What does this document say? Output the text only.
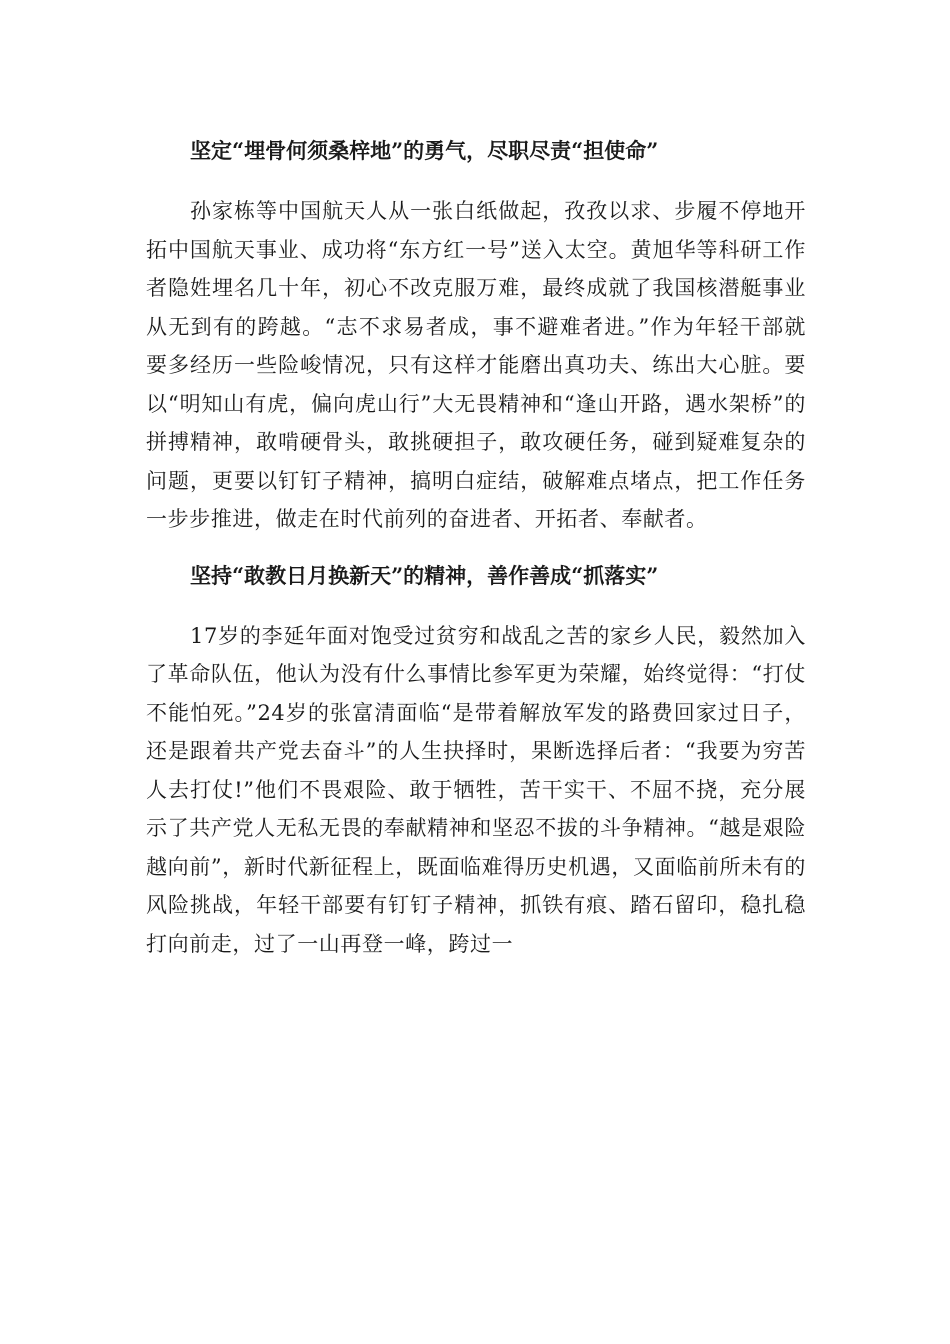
坚定“埋骨何须桑梓地”的勇气，尽职尽责“担使命”

孙家栋等中国航天人从一张白纸做起，孜孜以求、步履不停地开拓中国航天事业、成功将“东方红一号”送入太空。黄旭华等科研工作者隐姓埋名几十年，初心不改克服万难，最终成就了我国核潜艇事业从无到有的跨越。“志不求易者成，事不避难者进。”作为年轻干部就要多经历一些险峻情况，只有这样才能磨出真功夫、练出大心脏。要以“明知山有虎，偏向虎山行”大无畏精神和“逢山开路，遇水架桥”的拼搏精神，敢啃硬骨头，敢挑硬担子，敢攻硬任务，碰到疑难复杂的问题，更要以钉钉子精神，搞明白症结，破解难点堵点，把工作任务一步步推进，做走在时代前列的奋进者、开拓者、奉献者。

坚持“敢教日月换新天”的精神，善作善成“抓落实”

17岁的李延年面对饱受过贫穷和战乱之苦的家乡人民，毅然加入了革命队伍，他认为没有什么事情比参军更为荣耀，始终觉得：“打仗不能怕死。”24岁的张富清面临“是带着解放军发的路费回家过日子，还是跟着共产党去奋斗”的人生抉择时，果断选择后者：“我要为穷苦人去打仗!”他们不畏艰险、敢于牺牲，苦干实干、不屈不挠，充分展示了共产党人无私无畏的奉献精神和坚忍不拔的斗争精神。“越是艰险越向前”，新时代新征程上，既面临难得历史机遇，又面临前所未有的风险挑战，年轻干部要有钉钉子精神，抓铁有痕、踏石留印，稳扎稳打向前走，过了一山再登一峰，跨过一
